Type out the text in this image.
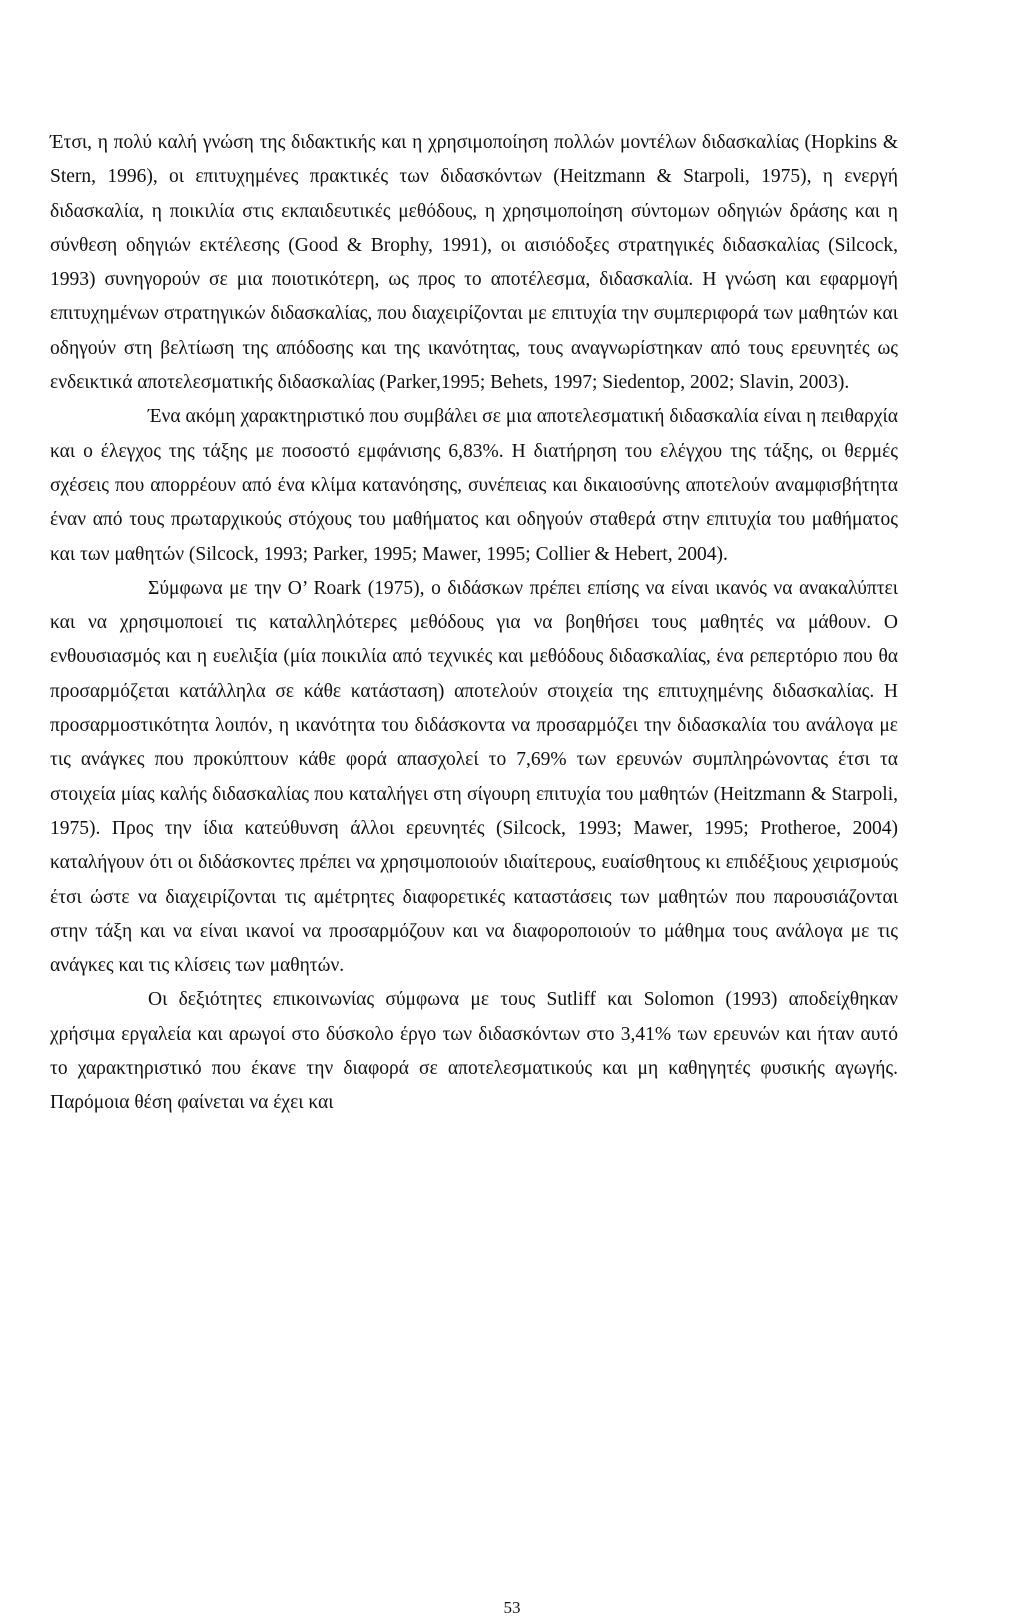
Έτσι, η πολύ καλή γνώση της διδακτικής και η χρησιμοποίηση πολλών μοντέλων διδασκαλίας (Hopkins & Stern, 1996), οι επιτυχημένες πρακτικές των διδασκόντων (Heitzmann & Starpoli, 1975), η ενεργή διδασκαλία, η ποικιλία στις εκπαιδευτικές μεθόδους, η χρησιμοποίηση σύντομων οδηγιών δράσης και η σύνθεση οδηγιών εκτέλεσης (Good & Brophy, 1991), οι αισιόδοξες στρατηγικές διδασκαλίας (Silcock, 1993) συνηγορούν σε μια ποιοτικότερη, ως προς το αποτέλεσμα, διδασκαλία. Η γνώση και εφαρμογή επιτυχημένων στρατηγικών διδασκαλίας, που διαχειρίζονται με επιτυχία την συμπεριφορά των μαθητών και οδηγούν στη βελτίωση της απόδοσης και της ικανότητας, τους αναγνωρίστηκαν από τους ερευνητές ως ενδεικτικά αποτελεσματικής διδασκαλίας (Parker,1995; Behets, 1997; Siedentop, 2002; Slavin, 2003).

Ένα ακόμη χαρακτηριστικό που συμβάλει σε μια αποτελεσματική διδασκαλία είναι η πειθαρχία και ο έλεγχος της τάξης με ποσοστό εμφάνισης 6,83%. Η διατήρηση του ελέγχου της τάξης, οι θερμές σχέσεις που απορρέουν από ένα κλίμα κατανόησης, συνέπειας και δικαιοσύνης αποτελούν αναμφισβήτητα έναν από τους πρωταρχικούς στόχους του μαθήματος και οδηγούν σταθερά στην επιτυχία του μαθήματος και των μαθητών (Silcock, 1993; Parker, 1995; Mawer, 1995; Collier & Hebert, 2004).

Σύμφωνα με την O’ Roark (1975), ο διδάσκων πρέπει επίσης να είναι ικανός να ανακαλύπτει και να χρησιμοποιεί τις καταλληλότερες μεθόδους για να βοηθήσει τους μαθητές να μάθουν. Ο ενθουσιασμός και η ευελιξία (μία ποικιλία από τεχνικές και μεθόδους διδασκαλίας, ένα ρεπερτόριο που θα προσαρμόζεται κατάλληλα σε κάθε κατάσταση) αποτελούν στοιχεία της επιτυχημένης διδασκαλίας. Η προσαρμοστικότητα λοιπόν, η ικανότητα του διδάσκοντα να προσαρμόζει την διδασκαλία του ανάλογα με τις ανάγκες που προκύπτουν κάθε φορά απασχολεί το 7,69% των ερευνών συμπληρώνοντας έτσι τα στοιχεία μίας καλής διδασκαλίας που καταλήγει στη σίγουρη επιτυχία του μαθητών (Heitzmann & Starpoli, 1975). Προς την ίδια κατεύθυνση άλλοι ερευνητές (Silcock, 1993; Mawer, 1995; Protheroe, 2004) καταλήγουν ότι οι διδάσκοντες πρέπει να χρησιμοποιούν ιδιαίτερους, ευαίσθητους κι επιδέξιους χειρισμούς έτσι ώστε να διαχειρίζονται τις αμέτρητες διαφορετικές καταστάσεις των μαθητών που παρουσιάζονται στην τάξη και να είναι ικανοί να προσαρμόζουν και να διαφοροποιούν το μάθημα τους ανάλογα με τις ανάγκες και τις κλίσεις των μαθητών.

Οι δεξιότητες επικοινωνίας σύμφωνα με τους Sutliff και Solomon (1993) αποδείχθηκαν χρήσιμα εργαλεία και αρωγοί στο δύσκολο έργο των διδασκόντων στο 3,41% των ερευνών και ήταν αυτό το χαρακτηριστικό που έκανε την διαφορά σε αποτελεσματικούς και μη καθηγητές φυσικής αγωγής. Παρόμοια θέση φαίνεται να έχει και

53
